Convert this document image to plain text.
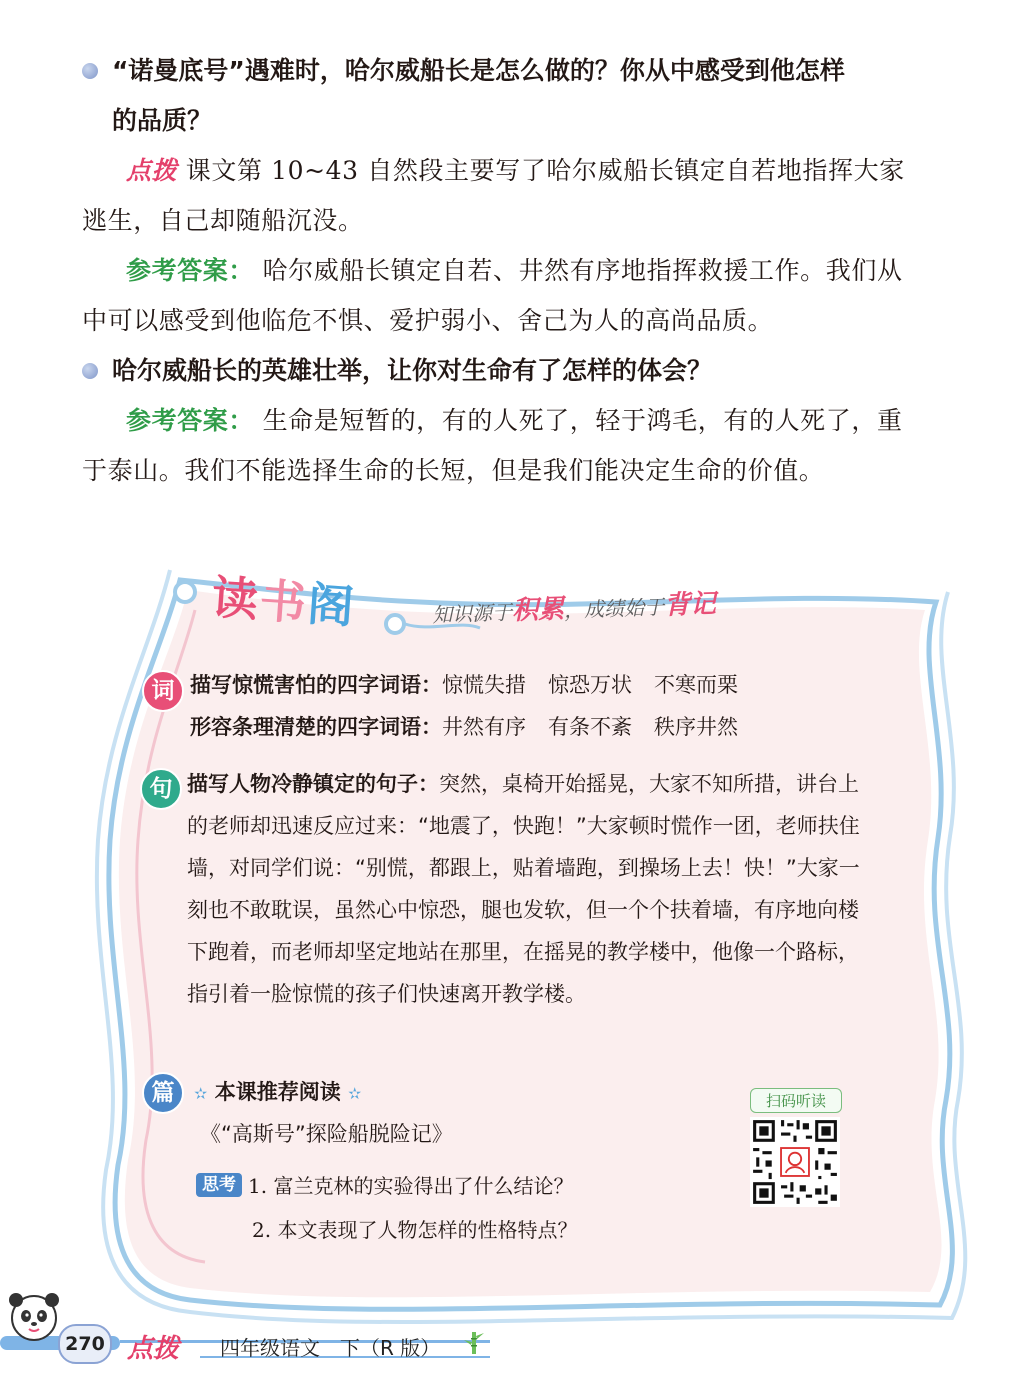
“诺曼底号”遇难时，哈尔威船长是怎么做的？你从中感受到他怎样
的品质？
点拨 课文第 10~43 自然段主要写了哈尔威船长镇定自若地指挥大家逃生，自己却随船沉没。
参考答案： 哈尔威船长镇定自若、井然有序地指挥救援工作。我们从中可以感受到他临危不惧、爱护弱小、舍己为人的高尚品质。
哈尔威船长的英雄壮举，让你对生命有了怎样的体会？
参考答案： 生命是短暂的，有的人死了，轻于鸿毛，有的人死了，重于泰山。我们不能选择生命的长短，但是我们能决定生命的价值。
读书阁	知识源于积累，成绩始于背记
词 描写惊慌害怕的四字词语：惊慌失措 惊恐万状 不寒而栗
形容条理清楚的四字词语：井然有序 有条不紊 秩序井然
句 描写人物冷静镇定的句子：突然，桌椅开始摇晃，大家不知所措，讲台上的老师却迅速反应过来：“地震了，快跑！”大家顿时慌作一团，老师扶住墙，对同学们说：“别慌，都跟上，贴着墙跑，到操场上去！快！”大家一刻也不敢耽误，虽然心中惊恐，腿也发软，但一个个扶着墙，有序地向楼下跑着，而老师却坚定地站在那里，在摇晃的教学楼中，他像一个路标，指引着一脸惊慌的孩子们快速离开教学楼。
篇	✫ 本课推荐阅读 ✫
《“高斯号”探险船脱险记》
思考 1. 富兰克林的实验得出了什么结论？
2. 本文表现了人物怎样的性格特点？
扫码听读
270 点拨 四年级语文　下（R 版）
